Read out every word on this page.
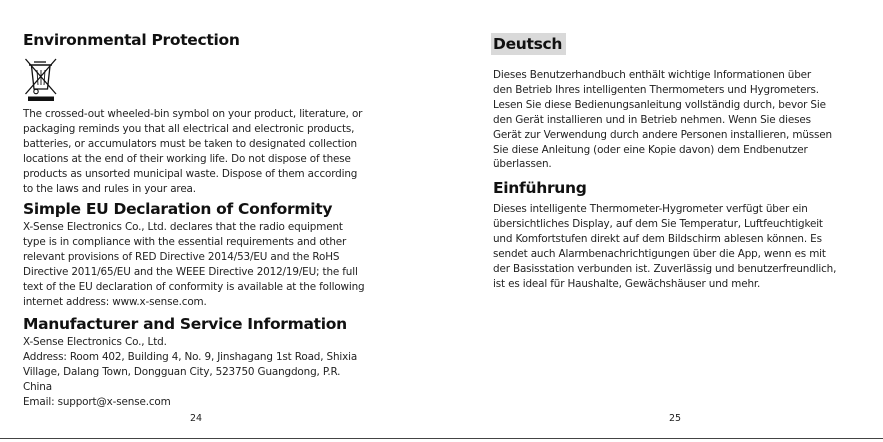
Environmental Protection

The crossed-out wheeled-bin symbol on your product, literature, or
packaging reminds you that all electrical and electronic products,
batteries, or accumulators must be taken to designated collection
locations at the end of their working life. Do not dispose of these
products as unsorted municipal waste. Dispose of them according
to the laws and rules in your area.

Simple EU Declaration of Conformity

X-Sense Electronics Co., Ltd. declares that the radio equipment
type is in compliance with the essential requirements and other
relevant provisions of RED Directive 2014/53/EU and the RoHS
Directive 2011/65/EU and the WEEE Directive 2012/19/EU; the full
text of the EU declaration of conformity is available at the following
internet address: www.x-sense.com.

Manufacturer and Service Information

X-Sense Electronics Co., Ltd.
Address: Room 402, Building 4, No. 9, Jinshagang 1st Road, Shixia
Village, Dalang Town, Dongguan City, 523750 Guangdong, P.R.
China
Email: support@x-sense.com

24
Deutsch

Dieses Benutzerhandbuch enthält wichtige Informationen über
den Betrieb Ihres intelligenten Thermometers und Hygrometers.
Lesen Sie diese Bedienungsanleitung vollständig durch, bevor Sie
den Gerät installieren und in Betrieb nehmen. Wenn Sie dieses
Gerät zur Verwendung durch andere Personen installieren, müssen
Sie diese Anleitung (oder eine Kopie davon) dem Endbenutzer
überlassen.

Einführung

Dieses intelligente Thermometer-Hygrometer verfügt über ein
übersichtliches Display, auf dem Sie Temperatur, Luftfeuchtigkeit
und Komfortstufen direkt auf dem Bildschirm ablesen können. Es
sendet auch Alarmbenachrichtigungen über die App, wenn es mit
der Basisstation verbunden ist. Zuverlässig und benutzerfreundlich,
ist es ideal für Haushalte, Gewächshäuser und mehr.

25
